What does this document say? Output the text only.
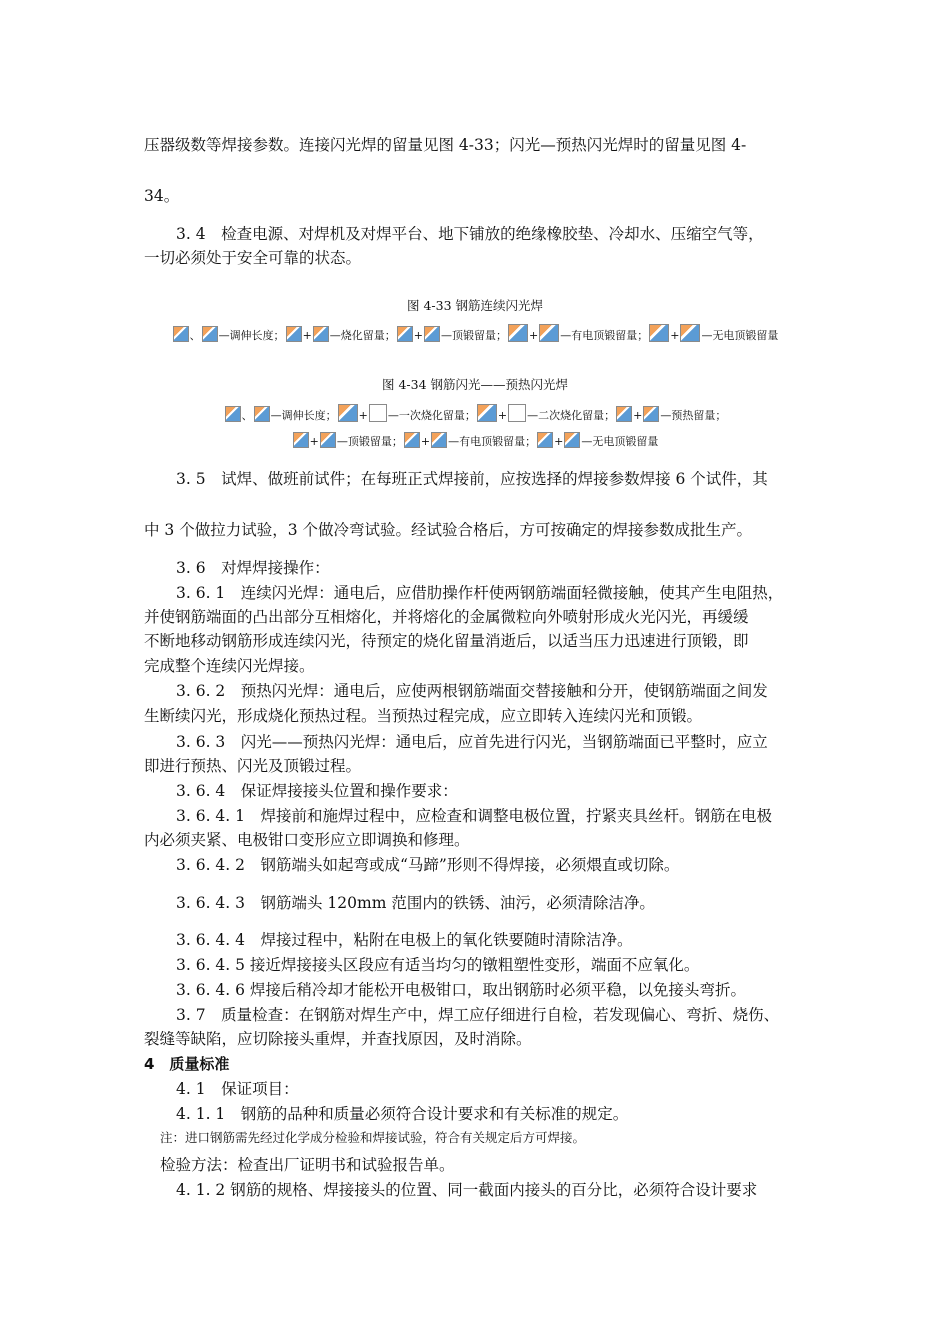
压器级数等焊接参数。连接闪光焊的留量见图 4-33；闪光—预热闪光焊时的留量见图 4-
34。
3. 4　检查电源、对焊机及对焊平台、地下铺放的绝缘橡胶垫、冷却水、压缩空气等，
一切必须处于安全可靠的状态。
图 4-33 钢筋连续闪光焊
、 —调伸长度； + —烧化留量； + —顶锻留量； + —有电顶锻留量； + —无电顶锻留量
图 4-34 钢筋闪光——预热闪光焊
、 —调伸长度； + —一次烧化留量； + —二次烧化留量； + —预热留量；
+ —顶锻留量； + —有电顶锻留量； + —无电顶锻留量
3. 5　试焊、做班前试件；在每班正式焊接前，应按选择的焊接参数焊接 6 个试件，其
中 3 个做拉力试验，3 个做冷弯试验。经试验合格后，方可按确定的焊接参数成批生产。
3. 6　对焊焊接操作：
3. 6. 1　连续闪光焊：通电后，应借肋操作杆使两钢筋端面轻微接触，使其产生电阻热，
并使钢筋端面的凸出部分互相熔化，并将熔化的金属微粒向外喷射形成火光闪光，再缓缓
不断地移动钢筋形成连续闪光，待预定的烧化留量消逝后，以适当压力迅速进行顶锻，即
完成整个连续闪光焊接。
3. 6. 2　预热闪光焊：通电后，应使两根钢筋端面交替接触和分开，使钢筋端面之间发
生断续闪光，形成烧化预热过程。当预热过程完成，应立即转入连续闪光和顶锻。
3. 6. 3　闪光——预热闪光焊：通电后，应首先进行闪光，当钢筋端面已平整时，应立
即进行预热、闪光及顶锻过程。
3. 6. 4　保证焊接接头位置和操作要求：
3. 6. 4. 1　焊接前和施焊过程中，应检查和调整电极位置，拧紧夹具丝杆。钢筋在电极
内必须夹紧、电极钳口变形应立即调换和修理。
3. 6. 4. 2　钢筋端头如起弯或成“马蹄”形则不得焊接，必须煨直或切除。
3. 6. 4. 3　钢筋端头 120mm 范围内的铁锈、油污，必须清除洁净。
3. 6. 4. 4　焊接过程中，粘附在电极上的氧化铁要随时清除洁净。
3. 6. 4. 5 接近焊接接头区段应有适当均匀的镦粗塑性变形，端面不应氧化。
3. 6. 4. 6 焊接后稍冷却才能松开电极钳口，取出钢筋时必须平稳，以免接头弯折。
3. 7　质量检查：在钢筋对焊生产中，焊工应仔细进行自检，若发现偏心、弯折、烧伤、
裂缝等缺陷，应切除接头重焊，并查找原因，及时消除。
4　质量标准
4. 1　保证项目：
4. 1. 1　钢筋的品种和质量必须符合设计要求和有关标准的规定。
注：进口钢筋需先经过化学成分检验和焊接试验，符合有关规定后方可焊接。
检验方法：检查出厂证明书和试验报告单。
4. 1. 2 钢筋的规格、焊接接头的位置、同一截面内接头的百分比，必须符合设计要求
